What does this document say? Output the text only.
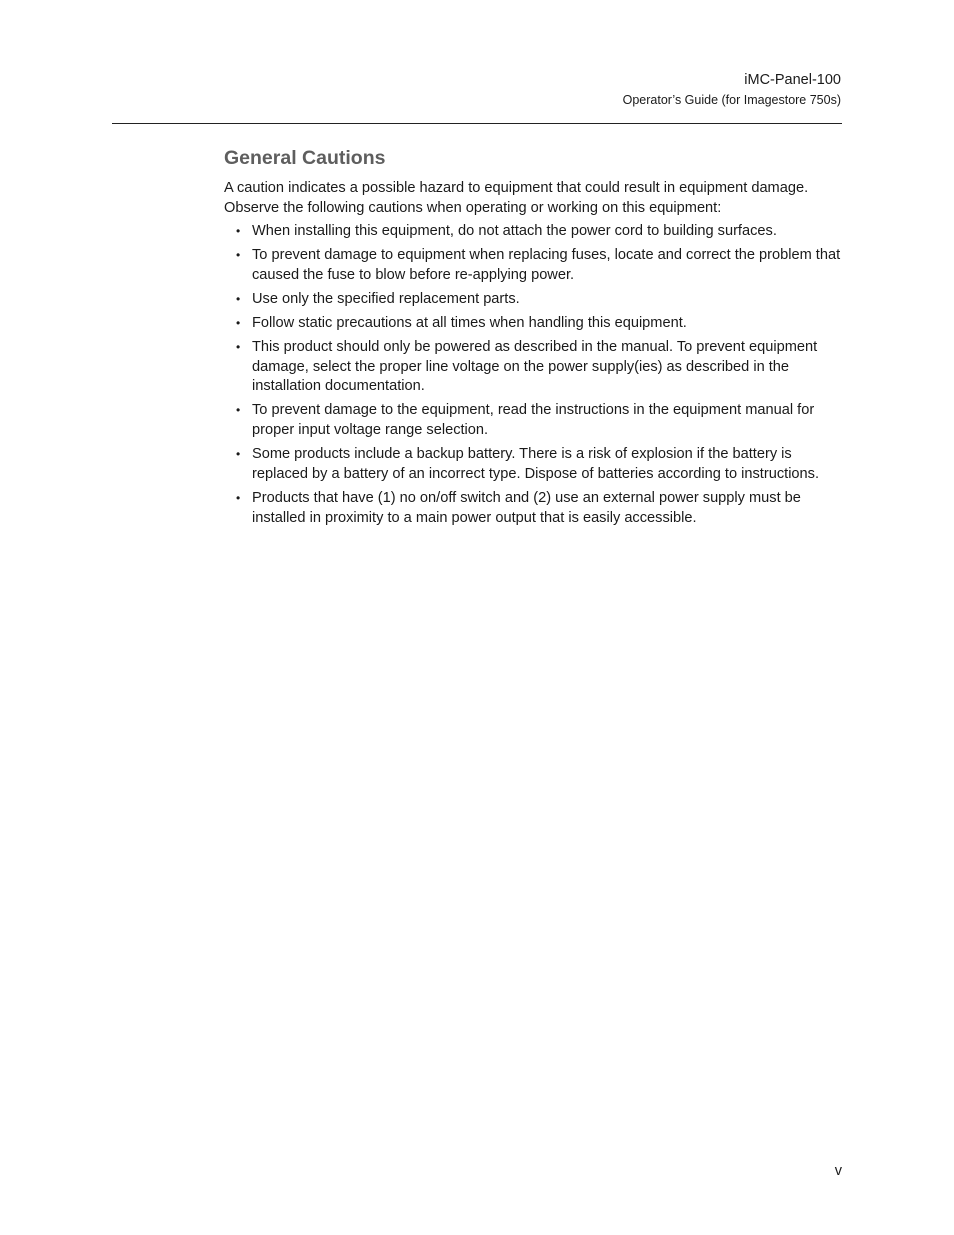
iMC-Panel-100
Operator’s Guide (for Imagestore 750s)
General Cautions

A caution indicates a possible hazard to equipment that could result in equipment damage. Observe the following cautions when operating or working on this equipment:

• When installing this equipment, do not attach the power cord to building surfaces.
• To prevent damage to equipment when replacing fuses, locate and correct the problem that caused the fuse to blow before re-applying power.
• Use only the specified replacement parts.
• Follow static precautions at all times when handling this equipment.
• This product should only be powered as described in the manual. To prevent equipment damage, select the proper line voltage on the power supply(ies) as described in the installation documentation.
• To prevent damage to the equipment, read the instructions in the equipment manual for proper input voltage range selection.
• Some products include a backup battery. There is a risk of explosion if the battery is replaced by a battery of an incorrect type. Dispose of batteries according to instructions.
• Products that have (1) no on/off switch and (2) use an external power supply must be installed in proximity to a main power output that is easily accessible.
v
